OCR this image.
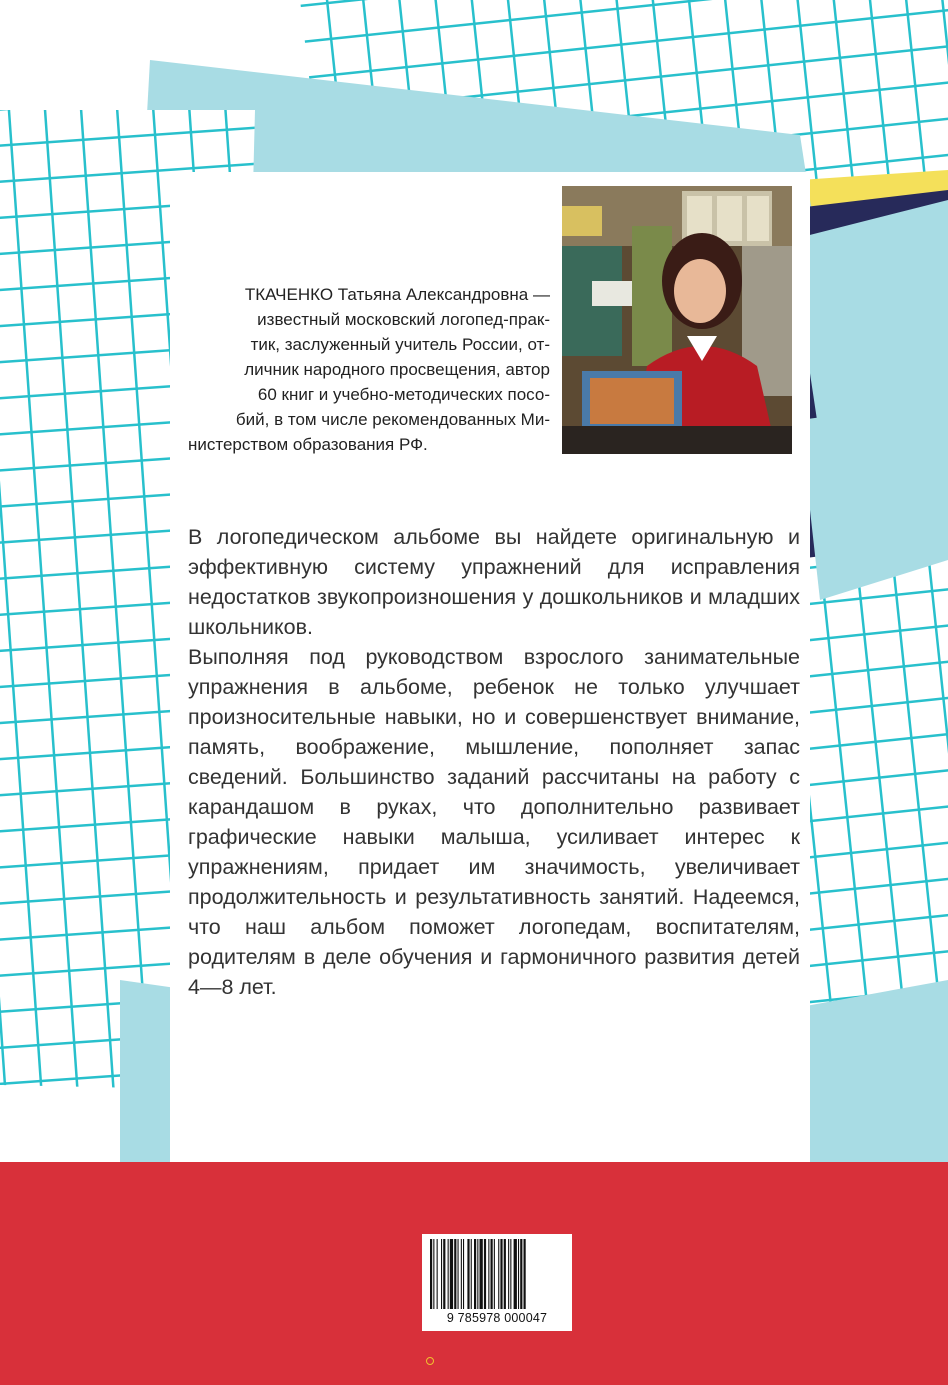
ТКАЧЕНКО Татьяна Александровна —
известный московский логопед-прак-
тик, заслуженный учитель России, от-
личник народного просвещения, автор
60 книг и учебно-методических посо-
бий, в том числе рекомендованных Ми-
нистерством образования РФ.

В логопедическом альбоме вы найдете оригинальную и эффективную систему упражнений для исправления недостатков звукопроизношения у дошкольников и младших школьников.

Выполняя под руководством взрослого занимательные упражнения в альбоме, ребенок не только улучшает произносительные навыки, но и совершенствует внимание, память, воображение, мышление, пополняет запас сведений. Большинство заданий рассчитаны на работу с карандашом в руках, что дополнительно развивает графические навыки малыша, усиливает интерес к упражнениям, придает им значимость, увеличивает продолжительность и результативность занятий. Надеемся, что наш альбом поможет логопедам, воспитателям, родителям в деле обучения и гармоничного развития детей 4—8 лет.

9 785978 000047
